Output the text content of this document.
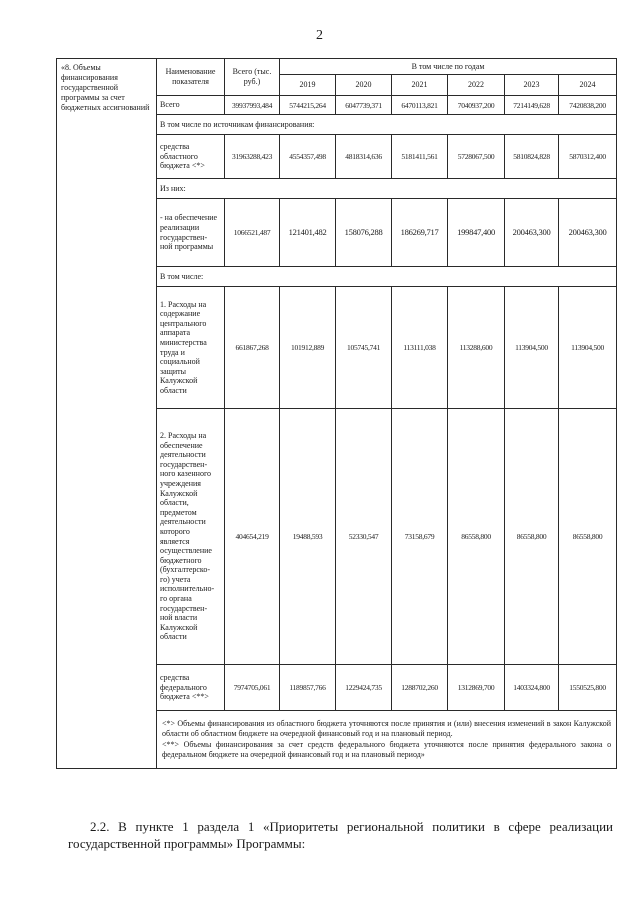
2
«8. Объемы финансирования государственной программы за счет бюджетных ассигнований	Наименование показателя	Всего (тыс. руб.)	В том числе по годам					
			2019	2020	2021	2022	2023	2024
	Всего	39937993,484	5744215,264	6047739,371	6470113,821	7040937,200	7214149,628	7420838,200
	В том числе по источникам финансирования:							
	средства областного бюджета <*>	31963288,423	4554357,498	4818314,636	5181411,561	5728067,500	5810824,828	5870312,400
	Из них:							
	- на обеспечение реализации государствен- ной программы	1066521,487	121401,482	158076,288	186269,717	199847,400	200463,300	200463,300
	В том числе:							
	1. Расходы на содержание центрального аппарата министерства труда и социальной защиты Калужской области	661867,268	101912,889	105745,741	113111,038	113288,600	113904,500	113904,500
	2. Расходы на обеспечение деятельности государствен- ного казенного учреждения Калужской области, предметом деятельности которого является осуществление бюджетного (бухгалтерско- го) учета исполнительно- го органа государствен- ной власти Калужской области	404654,219	19488,593	52330,547	73158,679	86558,800	86558,800	86558,800
	средства федерального бюджета <**>	7974705,061	1189857,766	1229424,735	1288702,260	1312869,700	1403324,800	1550525,800

	<*> Объемы финансирования из областного бюджета уточняются после принятия и (или) внесения изменений в закон Калужской области об областном бюджете на очередной финансовый год и на плановый период.

<**> Объемы финансирования за счет средств федерального бюджета уточняются после принятия федерального закона о федеральном бюджете на очередной финансовый год и на плановый период»							

2.2. В пункте 1 раздела 1 «Приоритеты региональной политики в сфере реализации государственной программы» Программы:
